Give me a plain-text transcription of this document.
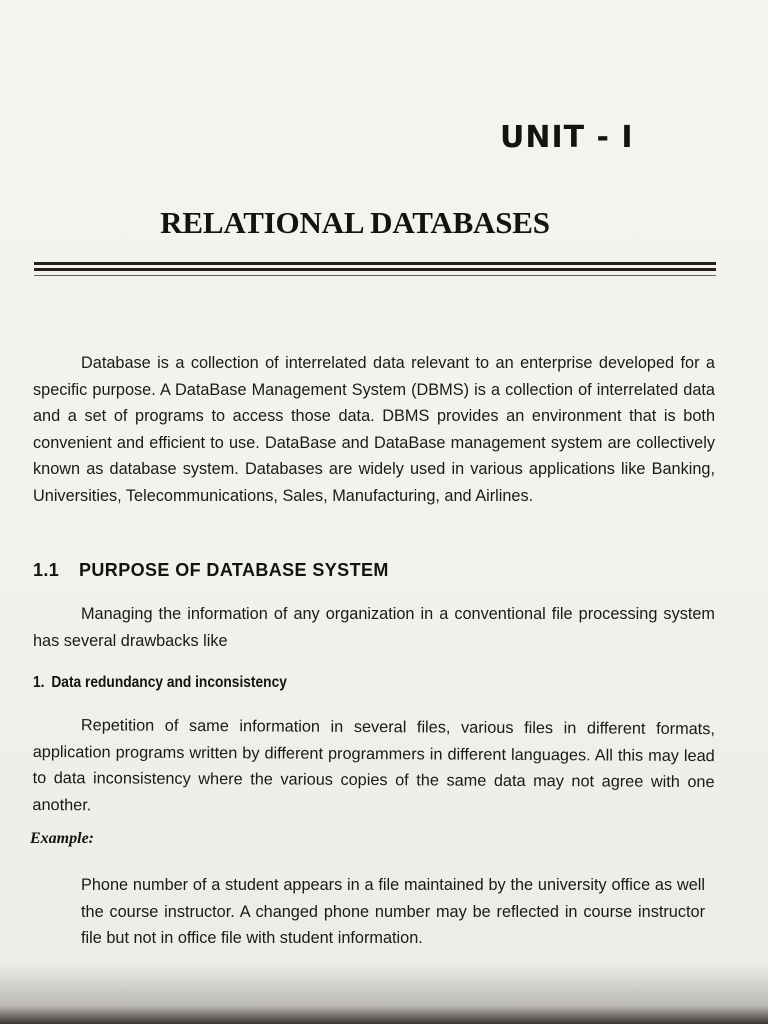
UNIT - I
RELATIONAL DATABASES

Database is a collection of interrelated data relevant to an enterprise developed for a specific purpose. A DataBase Management System (DBMS) is a collection of interrelated data and a set of programs to access those data. DBMS provides an environment that is both convenient and efficient to use. DataBase and DataBase management system are collectively known as database system. Databases are widely used in various applications like Banking, Universities, Telecommunications, Sales, Manufacturing, and Airlines.

1.1 PURPOSE OF DATABASE SYSTEM

Managing the information of any organization in a conventional file processing system has several drawbacks like

1. Data redundancy and inconsistency

Repetition of same information in several files, various files in different formats, application programs written by different programmers in different languages. All this may lead to data inconsistency where the various copies of the same data may not agree with one another.

Example:

Phone number of a student appears in a file maintained by the university office as well the course instructor. A changed phone number may be reflected in course instructor file but not in office file with student information.
